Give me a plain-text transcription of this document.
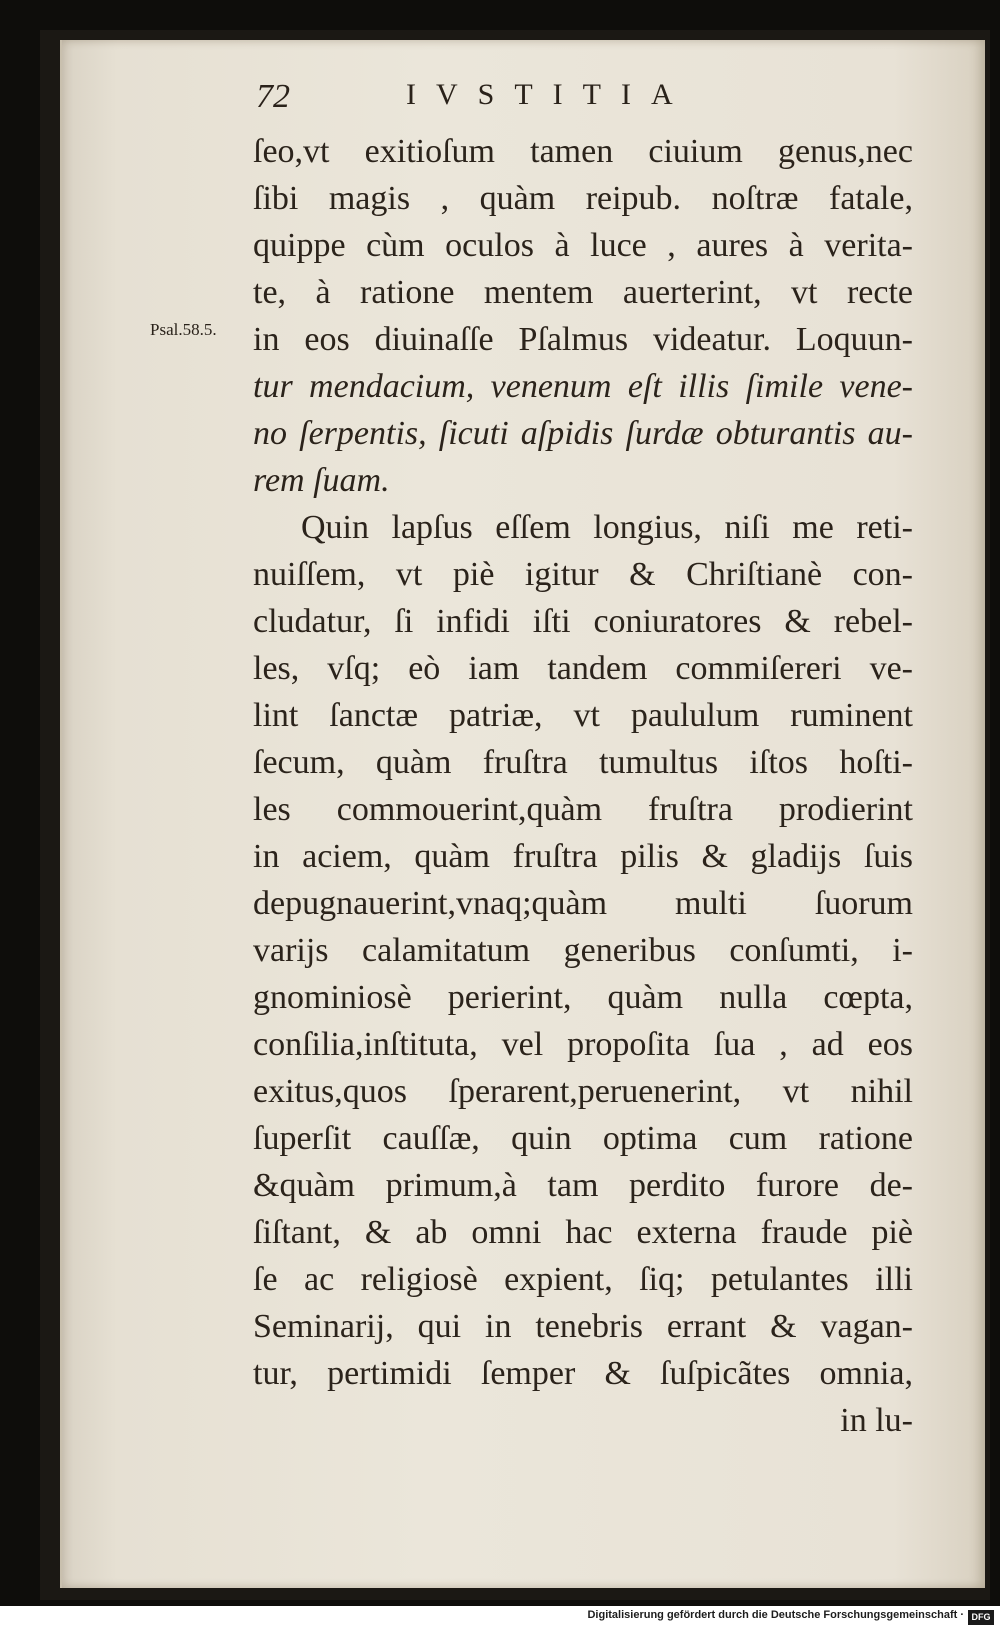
72	IVSTITIA
Psal.58.5.
ſeo,vt exitioſum tamen ciuium genus,nec
ſibi magis , quàm reipub. noſtræ fatale,
quippe cùm oculos à luce , aures à verita-
te, à ratione mentem auerterint, vt recte
in eos diuinaſſe Pſalmus videatur. Loquun-
tur mendacium, venenum eſt illis ſimile vene-
no ſerpentis, ſicuti aſpidis ſurdæ obturantis au-
rem ſuam.
Quin lapſus eſſem longius, niſi me reti-
nuiſſem, vt piè igitur & Chriſtianè con-
cludatur, ſi infidi iſti coniuratores & rebel-
les, vſq; eò iam tandem commiſereri ve-
lint ſanctæ patriæ, vt paululum ruminent
ſecum, quàm fruſtra tumultus iſtos hoſti-
les commouerint,quàm fruſtra prodierint
in aciem, quàm fruſtra pilis & gladijs ſuis
depugnauerint,vnaq;quàm multi ſuorum
varijs calamitatum generibus conſumti, i-
gnominiosè perierint, quàm nulla cœpta,
conſilia,inſtituta, vel propoſita ſua , ad eos
exitus,quos ſperarent,peruenerint, vt nihil
ſuperſit cauſſæ, quin optima cum ratione
&quàm primum,à tam perdito furore de-
ſiſtant, & ab omni hac externa fraude piè
ſe ac religiosè expient, ſiq; petulantes illi
Seminarij, qui in tenebris errant & vagan-
tur, pertimidi ſemper & ſuſpicãtes omnia,
in lu-
Digitalisierung gefördert durch die Deutsche Forschungsgemeinschaft · DFG
